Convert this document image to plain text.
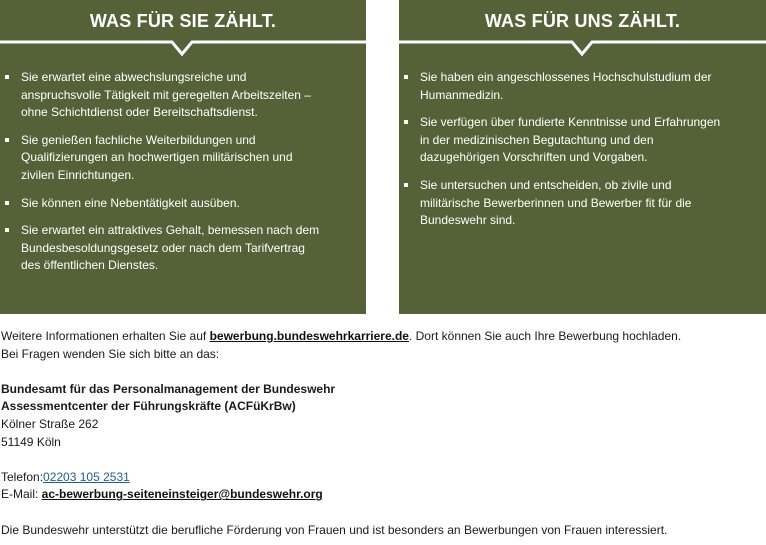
WAS FÜR SIE ZÄHLT.
Sie erwartet eine abwechslungsreiche und
anspruchsvolle Tätigkeit mit geregelten Arbeitszeiten –
ohne Schichtdienst oder Bereitschaftsdienst.
Sie genießen fachliche Weiterbildungen und
Qualifizierungen an hochwertigen militärischen und
zivilen Einrichtungen.
Sie können eine Nebentätigkeit ausüben.
Sie erwartet ein attraktives Gehalt, bemessen nach dem
Bundesbesoldungsgesetz oder nach dem Tarifvertrag
des öffentlichen Dienstes.
WAS FÜR UNS ZÄHLT.
Sie haben ein angeschlossenes Hochschulstudium der
Humanmedizin.
Sie verfügen über fundierte Kenntnisse und Erfahrungen
in der medizinischen Begutachtung und den
dazugehörigen Vorschriften und Vorgaben.
Sie untersuchen und entscheiden, ob zivile und
militärische Bewerberinnen und Bewerber fit für die
Bundeswehr sind.

Weitere Informationen erhalten Sie auf bewerbung.bundeswehrkarriere.de. Dort können Sie auch Ihre Bewerbung hochladen.

Bei Fragen wenden Sie sich bitte an das:

Bundesamt für das Personalmanagement der Bundeswehr

Assessmentcenter der Führungskräfte (ACFüKrBw)

Kölner Straße 262

51149 Köln

Telefon:02203 105 2531

E-Mail: ac-bewerbung-seiteneinsteiger@bundeswehr.org

Die Bundeswehr unterstützt die berufliche Förderung von Frauen und ist besonders an Bewerbungen von Frauen interessiert.
